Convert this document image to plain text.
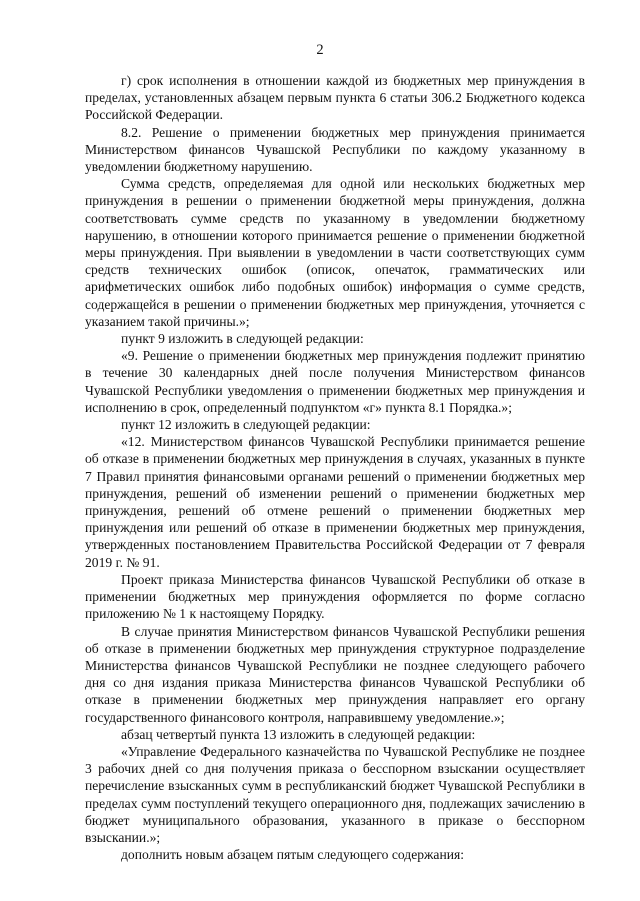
2

г) срок исполнения в отношении каждой из бюджетных мер принуждения в пределах, установленных абзацем первым пункта 6 статьи 306.2 Бюджетного кодекса Российской Федерации.

8.2. Решение о применении бюджетных мер принуждения принимается Министерством финансов Чувашской Республики по каждому указанному в уведомлении бюджетному нарушению.

Сумма средств, определяемая для одной или нескольких бюджетных мер принуждения в решении о применении бюджетной меры принуждения, должна соответствовать сумме средств по указанному в уведомлении бюджетному нарушению, в отношении которого принимается решение о применении бюджетной меры принуждения. При выявлении в уведомлении в части соответствующих сумм средств технических ошибок (описок, опечаток, грамматических или арифметических ошибок либо подобных ошибок) информация о сумме средств, содержащейся в решении о применении бюджетных мер принуждения, уточняется с указанием такой причины.»;

пункт 9 изложить в следующей редакции:

«9. Решение о применении бюджетных мер принуждения подлежит принятию в течение 30 календарных дней после получения Министерством финансов Чувашской Республики уведомления о применении бюджетных мер принуждения и исполнению в срок, определенный подпунктом «г» пункта 8.1 Порядка.»;

пункт 12 изложить в следующей редакции:

«12. Министерством финансов Чувашской Республики принимается решение об отказе в применении бюджетных мер принуждения в случаях, указанных в пункте 7 Правил принятия финансовыми органами решений о применении бюджетных мер принуждения, решений об изменении решений о применении бюджетных мер принуждения, решений об отмене решений о применении бюджетных мер принуждения или решений об отказе в применении бюджетных мер принуждения, утвержденных постановлением Правительства Российской Федерации от 7 февраля 2019 г. № 91.

Проект приказа Министерства финансов Чувашской Республики об отказе в применении бюджетных мер принуждения оформляется по форме согласно приложению № 1 к настоящему Порядку.

В случае принятия Министерством финансов Чувашской Республики решения об отказе в применении бюджетных мер принуждения структурное подразделение Министерства финансов Чувашской Республики не позднее следующего рабочего дня со дня издания приказа Министерства финансов Чувашской Республики об отказе в применении бюджетных мер принуждения направляет его органу государственного финансового контроля, направившему уведомление.»;

абзац четвертый пункта 13 изложить в следующей редакции:

«Управление Федерального казначейства по Чувашской Республике не позднее 3 рабочих дней со дня получения приказа о бесспорном взыскании осуществляет перечисление взысканных сумм в республиканский бюджет Чувашской Республики в пределах сумм поступлений текущего операционного дня, подлежащих зачислению в бюджет муниципального образования, указанного в приказе о бесспорном взыскании.»;

дополнить новым абзацем пятым следующего содержания:
